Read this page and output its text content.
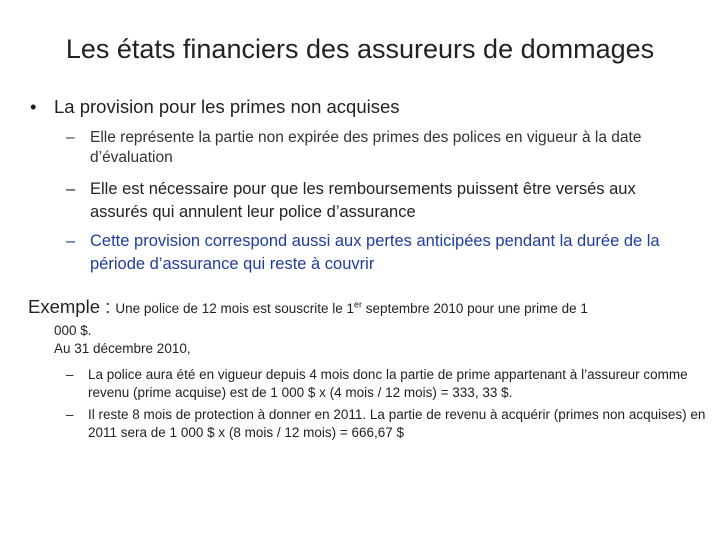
Les états financiers des assureurs de dommages
• La provision pour les primes non acquises
– Elle représente la partie non expirée des primes des polices en vigueur à la date d’évaluation
– Elle est nécessaire pour que les remboursements puissent être versés aux assurés qui annulent leur police d’assurance
– Cette provision correspond aussi aux pertes anticipées pendant la durée de la période d’assurance qui reste à couvrir
Exemple : Une police de 12 mois est souscrite le 1er septembre 2010 pour une prime de 1

000 $.

Au 31 décembre 2010,

–	La police aura été en vigueur depuis 4 mois donc la partie de prime appartenant à l’assureur comme revenu (prime acquise) est de 1 000 $ x (4 mois / 12 mois) = 333, 33 $.
–	Il reste 8 mois de protection à donner en 2011. La partie de revenu à acquérir (primes non acquises) en 2011 sera de 1 000 $ x (8 mois / 12 mois) = 666,67 $
